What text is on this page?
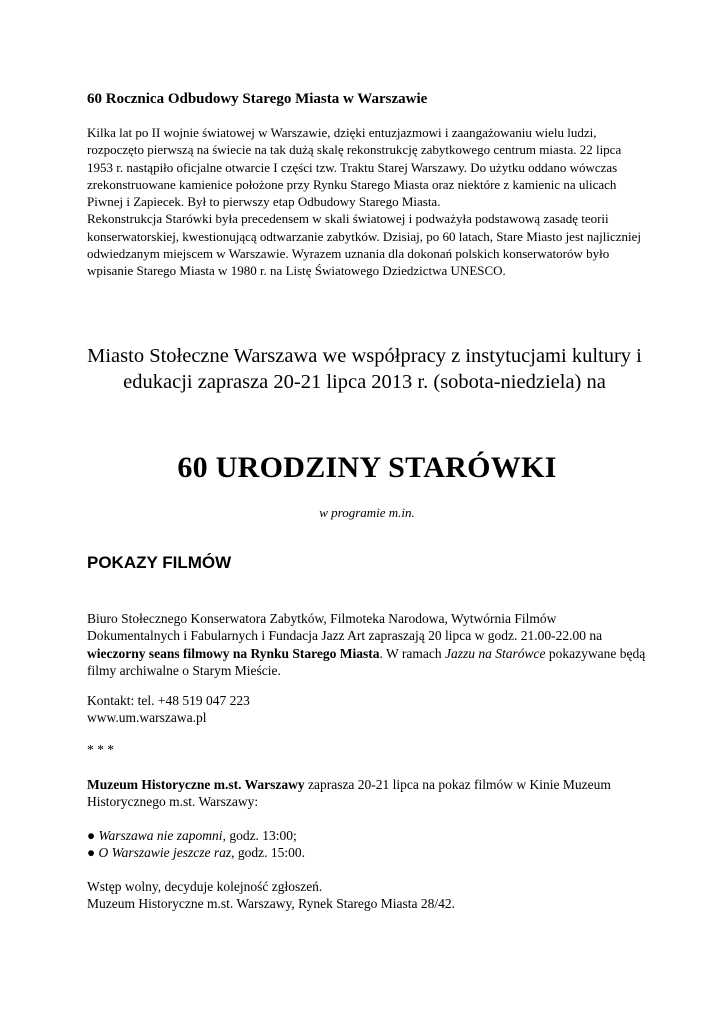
60 Rocznica Odbudowy Starego Miasta w Warszawie

Kilka lat po II wojnie światowej w Warszawie, dzięki entuzjazmowi i zaangażowaniu wielu ludzi, rozpoczęto pierwszą na świecie na tak dużą skalę rekonstrukcję zabytkowego centrum miasta. 22 lipca 1953 r. nastąpiło oficjalne otwarcie I części tzw. Traktu Starej Warszawy. Do użytku oddano wówczas zrekonstruowane kamienice położone przy Rynku Starego Miasta oraz niektóre z kamienic na ulicach Piwnej i Zapiecek. Był to pierwszy etap Odbudowy Starego Miasta.

Rekonstrukcja Starówki była precedensem w skali światowej i podważyła podstawową zasadę teorii konserwatorskiej, kwestionującą odtwarzanie zabytków. Dzisiaj, po 60 latach, Stare Miasto jest najliczniej odwiedzanym miejscem w Warszawie. Wyrazem uznania dla dokonań polskich konserwatorów było wpisanie Starego Miasta w 1980 r. na Listę Światowego Dziedzictwa UNESCO.

Miasto Stołeczne Warszawa we współpracy z instytucjami kultury i edukacji zaprasza 20-21 lipca 2013 r. (sobota-niedziela) na
60 URODZINY STARÓWKI
w programie m.in.
POKAZY FILMÓW
Biuro Stołecznego Konserwatora Zabytków, Filmoteka Narodowa, Wytwórnia Filmów Dokumentalnych i Fabularnych i Fundacja Jazz Art zapraszają 20 lipca w godz. 21.00-22.00 na wieczorny seans filmowy na Rynku Starego Miasta. W ramach Jazzu na Starówce pokazywane będą filmy archiwalne o Starym Mieście.

Kontakt: tel. +48 519 047 223

www.um.warszawa.pl

* * *
Muzeum Historyczne m.st. Warszawy zaprasza 20-21 lipca na pokaz filmów w Kinie Muzeum Historycznego m.st. Warszawy:

● Warszawa nie zapomni, godz. 13:00;

● O Warszawie jeszcze raz, godz. 15:00.

Wstęp wolny, decyduje kolejność zgłoszeń.

Muzeum Historyczne m.st. Warszawy, Rynek Starego Miasta 28/42.
